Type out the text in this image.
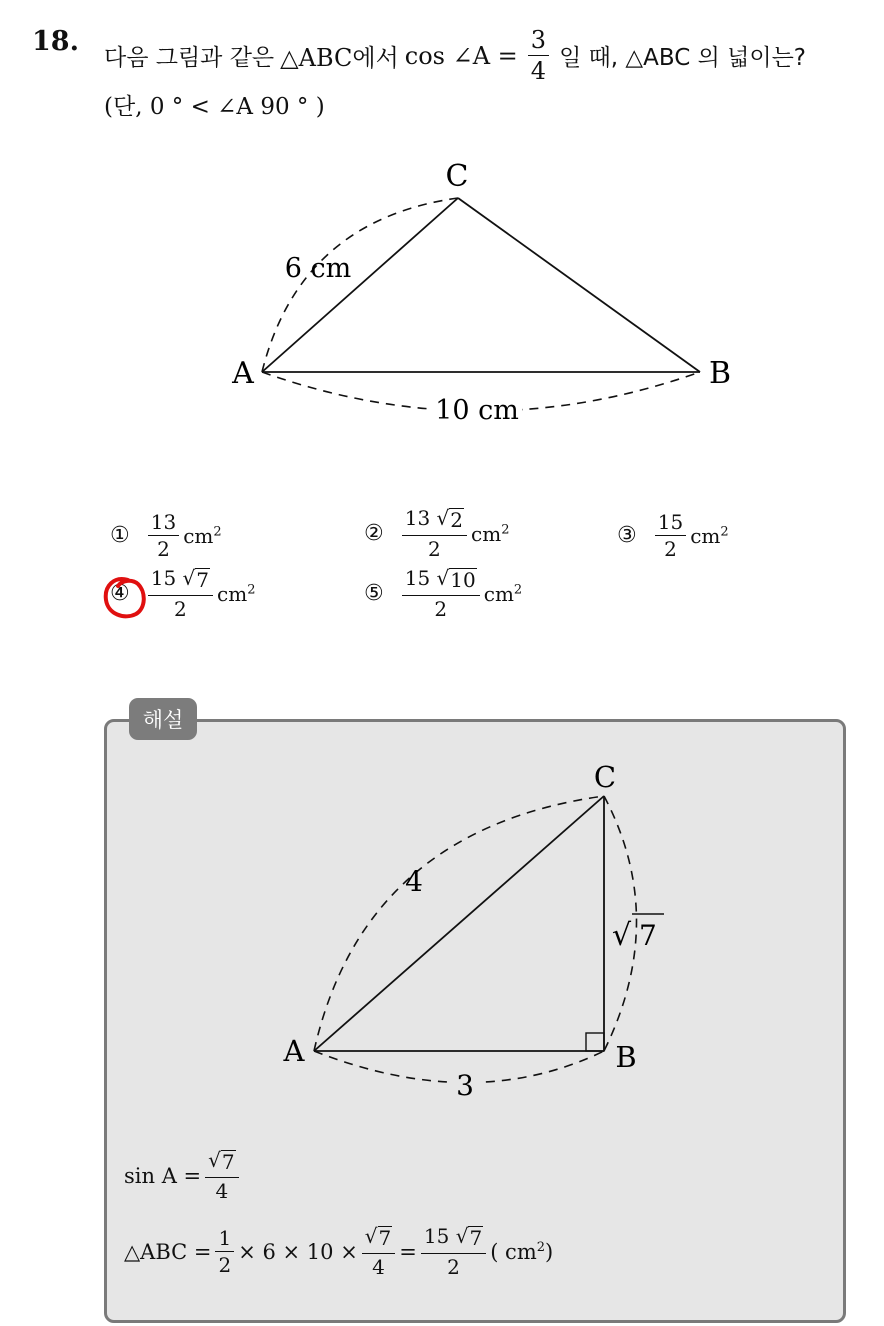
18.
다음 그림과 같은 △ABC에서 cos ∠A = $\frac{3}{4}$ 일 때, △ABC 의 넓이는?
(단, 0 ° < ∠A 90 ° )
A	B
C
6 cm
10 cm
① $\frac{13}{2} cm^2$	② $\frac{13 √ 2}{2} cm^2$	③ $\frac{15}{2} cm^2$
④ $\frac{15 √ 7}{2} cm^2$	⑤ $\frac{15 √ 10}{2} cm^2$
해설
A	B
C
4
3
√ 7
$\sin A = \frac{√ 7}{4}$
△ABC = $\frac{1}{2} \times 6 \times 10 \times \frac{√ 7}{4} = \frac{15 √ 7}{2}$ ( $cm^2$)
